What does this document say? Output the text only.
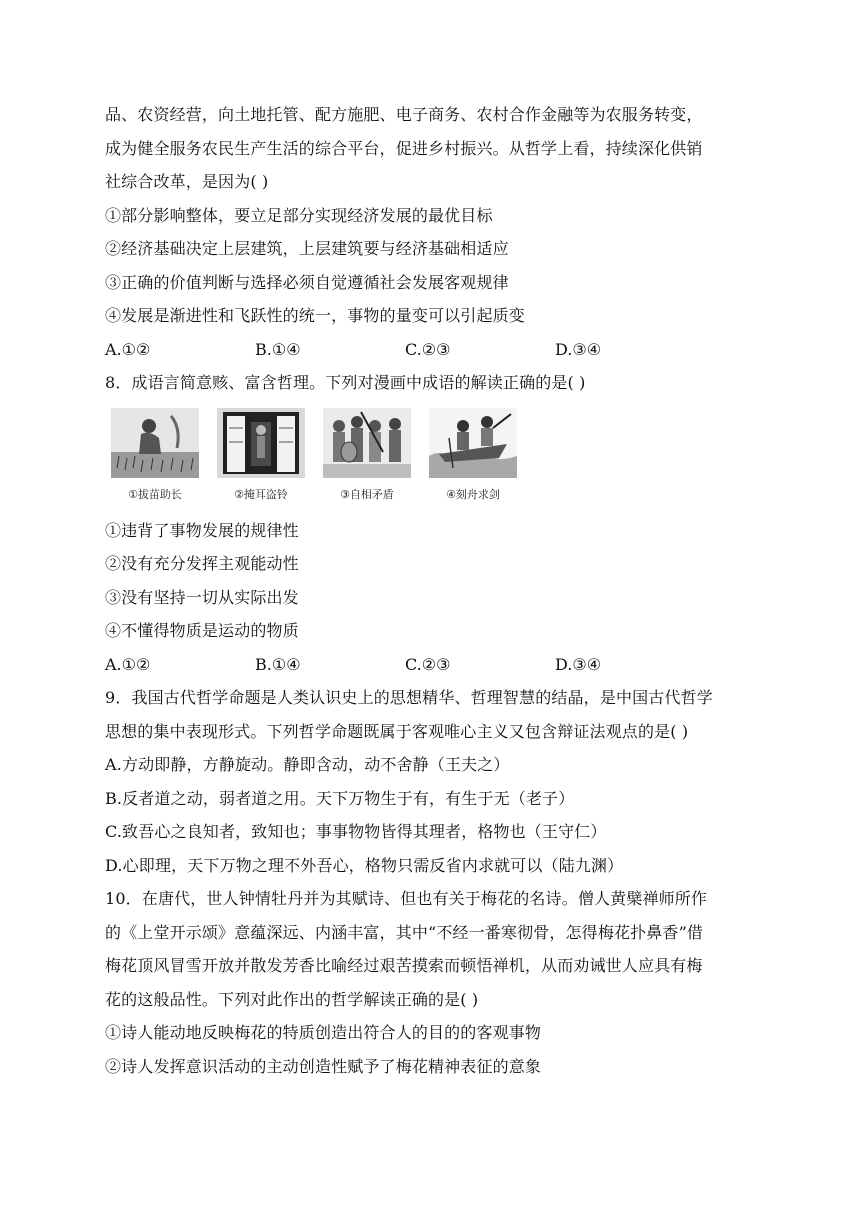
品、农资经营，向土地托管、配方施肥、电子商务、农村合作金融等为农服务转变，
成为健全服务农民生产生活的综合平台，促进乡村振兴。从哲学上看，持续深化供销
社综合改革，是因为( )
①部分影响整体，要立足部分实现经济发展的最优目标
②经济基础决定上层建筑，上层建筑要与经济基础相适应
③正确的价值判断与选择必须自觉遵循社会发展客观规律
④发展是渐进性和飞跃性的统一，事物的量变可以引起质变
A.①②	B.①④	C.②③	D.③④
8．成语言简意赅、富含哲理。下列对漫画中成语的解读正确的是( )
①拔苗助长	②掩耳盗铃	③自相矛盾	④刻舟求剑
①违背了事物发展的规律性
②没有充分发挥主观能动性
③没有坚持一切从实际出发
④不懂得物质是运动的物质
A.①②	B.①④	C.②③	D.③④
9．我国古代哲学命题是人类认识史上的思想精华、哲理智慧的结晶，是中国古代哲学
思想的集中表现形式。下列哲学命题既属于客观唯心主义又包含辩证法观点的是( )
A.方动即静，方静旋动。静即含动，动不舍静（王夫之）
B.反者道之动，弱者道之用。天下万物生于有，有生于无（老子）
C.致吾心之良知者，致知也；事事物物皆得其理者，格物也（王守仁）
D.心即理，天下万物之理不外吾心，格物只需反省内求就可以（陆九渊）
10．在唐代，世人钟情牡丹并为其赋诗、但也有关于梅花的名诗。僧人黄檗禅师所作
的《上堂开示颂》意蕴深远、内涵丰富，其中“不经一番寒彻骨，怎得梅花扑鼻香”借
梅花顶风冒雪开放并散发芳香比喻经过艰苦摸索而顿悟禅机，从而劝诫世人应具有梅
花的这般品性。下列对此作出的哲学解读正确的是( )
①诗人能动地反映梅花的特质创造出符合人的目的的客观事物
②诗人发挥意识活动的主动创造性赋予了梅花精神表征的意象
